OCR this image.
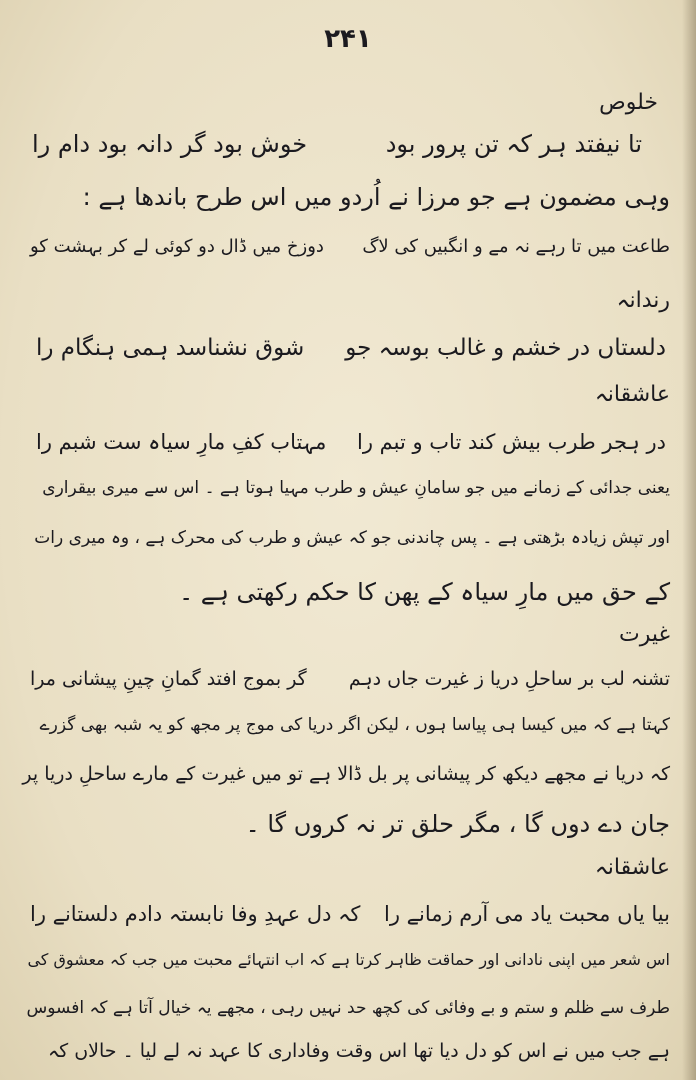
۲۴۱
خلوص
تا نیفتد ہر کہ تن پرور بود
خوش بود گر دانہ بود دام را
وہی مضمون ہے جو مرزا نے اُردو میں اس طرح باندھا ہے :
طاعت میں تا رہے نہ مے و انگبیں کی لاگ
دوزخ میں ڈال دو کوئی لے کر بہشت کو
رندانہ
دلستاں در خشم و غالب بوسہ جو
شوق نشناسد ہمی ہنگام را
عاشقانہ
در ہجر طرب بیش کند تاب و تبم را
مہتاب کفِ مارِ سیاہ ست شبم را
یعنی جدائی کے زمانے میں جو سامانِ عیش و طرب مہیا ہوتا ہے ۔ اس سے میری بیقراری
اور تپش زیادہ بڑھتی ہے ۔ پس چاندنی جو کہ عیش و طرب کی محرک ہے ، وہ میری رات
کے حق میں مارِ سیاہ کے پھن کا حکم رکھتی ہے ۔
غیرت
تشنہ لب بر ساحلِ دریا ز غیرت جاں دہم
گر بموج افتد گمانِ چینِ پیشانی مرا
کہتا ہے کہ میں کیسا ہی پیاسا ہوں ، لیکن اگر دریا کی موج پر مجھ کو یہ شبہ بھی گزرے
کہ دریا نے مجھے دیکھ کر پیشانی پر بل ڈالا ہے تو میں غیرت کے مارے ساحلِ دریا پر
جان دے دوں گا ، مگر حلق تر نہ کروں گا ۔
عاشقانہ
بیا یاں محبت یاد می آرم زمانے را
کہ دل عہدِ وفا نابستہ دادم دلستانے را
اس شعر میں اپنی نادانی اور حماقت ظاہر کرتا ہے کہ اب انتہائے محبت میں جب کہ معشوق کی
طرف سے ظلم و ستم و بے وفائی کی کچھ حد نہیں رہی ، مجھے یہ خیال آتا ہے کہ افسوس
ہے جب میں نے اس کو دل دیا تھا اس وقت وفاداری کا عہد نہ لے لیا ۔ حالاں کہ
